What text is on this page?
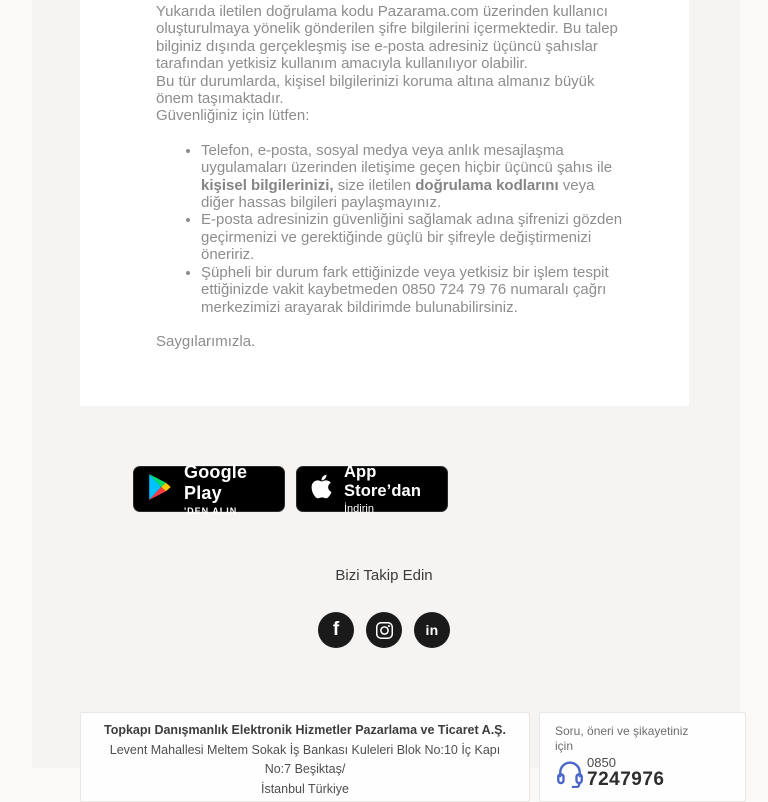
Yukarıda iletilen doğrulama kodu Pazarama.com üzerinden kullanıcı oluşturulmaya yönelik gönderilen şifre bilgilerini içermektedir. Bu talep bilginiz dışında gerçekleşmiş ise e-posta adresiniz üçüncü şahıslar tarafından yetkisiz kullanım amacıyla kullanılıyor olabilir.
Bu tür durumlarda, kişisel bilgilerinizi koruma altına almanız büyük önem taşımaktadır.
Güvenliğiniz için lütfen:
• Telefon, e-posta, sosyal medya veya anlık mesajlaşma uygulamaları üzerinden iletişime geçen hiçbir üçüncü şahıs ile kişisel bilgilerinizi, size iletilen doğrulama kodlarını veya diğer hassas bilgileri paylaşmayınız.
• E-posta adresinizin güvenliğini sağlamak adına şifrenizi gözden geçirmenizi ve gerektiğinde güçlü bir şifreyle değiştirmenizi öneririz.
• Şüpheli bir durum fark ettiğinizde veya yetkisiz bir işlem tespit ettiğinizde vakit kaybetmeden 0850 724 79 76 numaralı çağrı merkezimizi arayarak bildirimde bulunabilirsiniz.
Saygılarımızla.
Google Play
'DEN ALIN
App Store’dan
İndirin
Bizi Takip Edin
f	in
Topkapı Danışmanlık Elektronik Hizmetler Pazarlama ve Ticaret A.Ş.
Levent Mahallesi Meltem Sokak İş Bankası Kuleleri Blok No:10 İç Kapı No:7 Beşiktaş/
İstanbul Türkiye
Soru, öneri ve şikayetiniz
için
0850
7247976
